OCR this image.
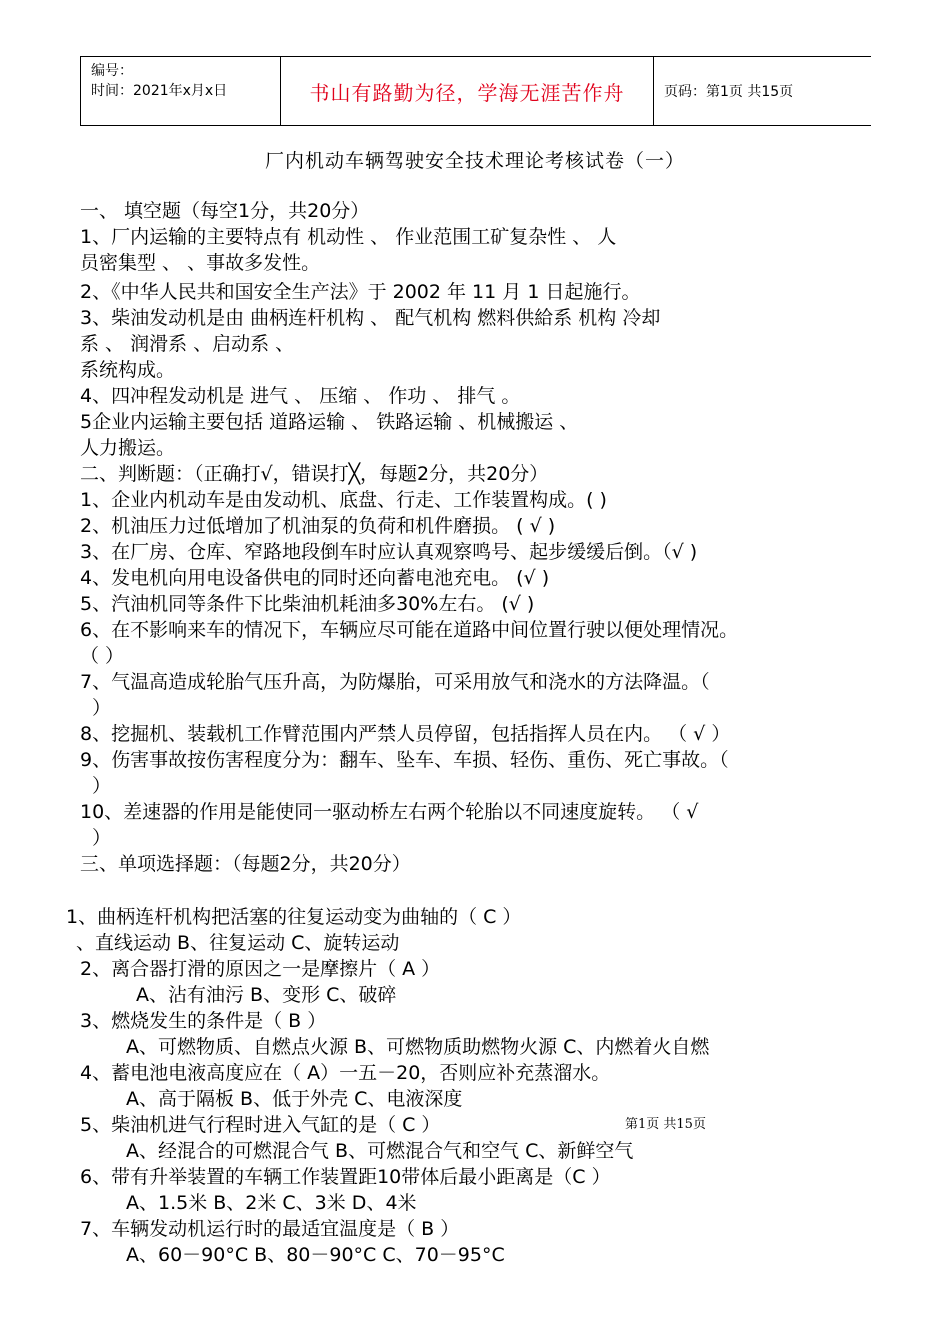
编号：
时间：2021年x月x日	书山有路勤为径，学海无涯苦作舟	页码：第1页 共15页
厂内机动车辆驾驶安全技术理论考核试卷（一）
一、 填空题（每空1分，共20分）
1、厂内运输的主要特点有 机动性 、 作业范围工矿复杂性 、 人
员密集型 、 、事故多发性。
2、《中华人民共和国安全生产法》于 2002 年 11 月 1 日起施行。
3、柴油发动机是由 曲柄连杆机构 、 配气机构 燃料供給系 机构 冷却
系 、 润滑系 、启动系 、
系统构成。
4、四冲程发动机是 进气 、 压缩 、 作功 、 排气 。
5企业内运输主要包括 道路运输 、 铁路运输 、机械搬运 、
人力搬运。
二、判断题：（正确打√，错误打╳，每题2分，共20分）
1、企业内机动车是由发动机、底盘、行走、工作装置构成。( )
2、机油压力过低增加了机油泵的负荷和机件磨损。 ( √ )
3、在厂房、仓库、窄路地段倒车时应认真观察鸣号、起步缓缓后倒。（√ )
4、发电机向用电设备供电的同时还向蓄电池充电。 (√ )
5、汽油机同等条件下比柴油机耗油多30%左右。 (√ )
6、在不影响来车的情况下，车辆应尽可能在道路中间位置行驶以便处理情况。
（ ）
7、气温高造成轮胎气压升高，为防爆胎，可采用放气和浇水的方法降温。（
）
8、挖掘机、装载机工作臂范围内严禁人员停留，包括指挥人员在内。 （ √ ）
9、伤害事故按伤害程度分为：翻车、坠车、车损、轻伤、重伤、死亡事故。（
）
10、差速器的作用是能使同一驱动桥左右两个轮胎以不同速度旋转。 （ √
）
三、单项选择题：（每题2分，共20分）
1、曲柄连杆机构把活塞的往复运动变为曲轴的（ C ）
、直线运动 B、往复运动 C、旋转运动
2、离合器打滑的原因之一是摩擦片（ A ）
A、沾有油污 B、变形 C、破碎
3、燃烧发生的条件是（ B ）
A、可燃物质、自燃点火源 B、可燃物质助燃物火源 C、内燃着火自燃
4、蓄电池电液高度应在（ A）一五－20，否则应补充蒸溜水。
A、高于隔板 B、低于外壳 C、电液深度
5、柴油机进气行程时进入气缸的是（ C ）
A、经混合的可燃混合气 B、可燃混合气和空气 C、新鲜空气
6、带有升举装置的车辆工作装置距10带体后最小距离是（C ）
A、1.5米 B、2米 C、3米 D、4米
7、车辆发动机运行时的最适宜温度是（ B ）
A、60－90°C B、80－90°C C、70－95°C
第1页 共15页
